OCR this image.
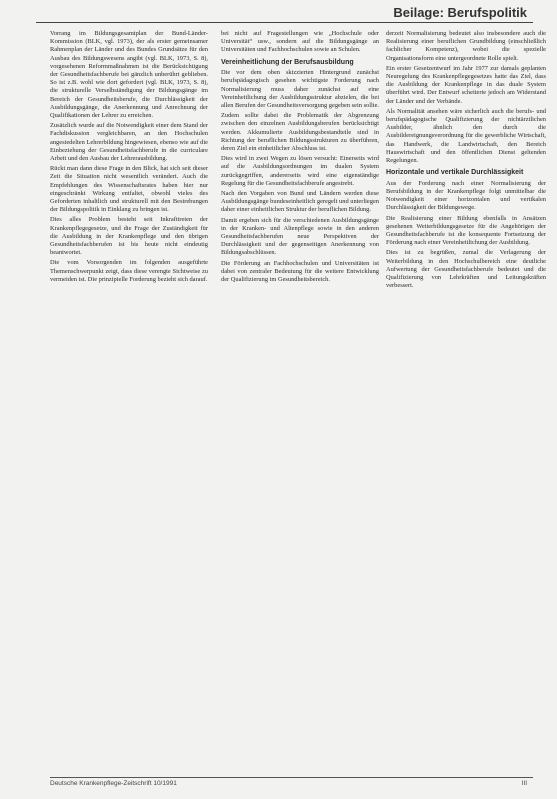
Beilage: Berufspolitik

Vorrang im Bildungsgesamtplan der Bund-Länder-Kommission (BLK, vgl. 1973), der als erster gemeinsamer Rahmenplan der Länder und des Bundes Grundsätze für den Ausbau des Bildungswesens angibt (vgl. BLK, 1973, S. 8), vorgesehenen Reformmaßnahmen ist die Berücksichtigung der Gesundheitsfachberufe bei gänzlich unberührt geblieben. So ist z.B. wohl wie dort gefordert (vgl. BLK, 1973, S. 8), die strukturelle Verselbständigung der Bildungsgänge im Bereich der Gesundheitsberufe, die Durchlässigkeit der Ausbildungsgänge, die Anerkennung und Anrechnung der Qualifikationen der Lehrer zu erreichen.

Zusätzlich wurde auf die Notwendigkeit einer dem Stand der Fachdiskussion vergleichbaren, an den Hochschulen angesiedelten Lehrerbildung hingewiesen, ebenso wie auf die Einbeziehung der Gesundheitsfachberufe in die curriculare Arbeit und den Ausbau der Lehrerausbildung.

Rückt man dann diese Frage in den Blick, hat sich seit dieser Zeit die Situation nicht wesentlich verändert. Auch die Empfehlungen des Wissenschaftsrates haben hier nur eingeschränkt Wirkung entfaltet, obwohl vieles des Geforderten inhaltlich und strukturell mit den Bestrebungen der Bildungspolitik in Einklang zu bringen ist.

Dies alles Problem besteht seit Inkrafttreten der Krankenpflegegesetze, und die Frage der Zuständigkeit für die Ausbildung in der Krankenpflege und den übrigen Gesundheitsfachberufen ist bis heute nicht eindeutig beantwortet.

Die vom Vorsorgenden im folgenden ausgeführte Themenschwerpunkt zeigt, dass diese verengte Sichtweise zu vermeiden ist. Die prinzipielle Forderung bezieht sich darauf.

bei nicht auf Fragestellungen wie „Hochschule oder Universität“ usw., sondern auf die Bildungsgänge an Universitäten und Fachhochschulen sowie an Schulen.

Vereinheitlichung der Berufsausbildung

Die vor dem oben skizzierten Hintergrund zunächst berufspädagogisch gesehen wichtigste Forderung nach Normalisierung muss daher zunächst auf eine Vereinheitlichung der Ausbildungsstruktur abzielen, die bei allen Berufen der Gesundheitsversorgung gegeben sein sollte.

Zudem sollte dabei die Problematik der Abgrenzung zwischen den einzelnen Ausbildungsberufen berücksichtigt werden. Akkumulierte Ausbildungsbestandteile sind in Richtung der beruflichen Bildungsstrukturen zu überführen, deren Ziel ein einheitlicher Abschluss ist.

Dies wird in zwei Wegen zu lösen versucht: Einerseits wird auf die Ausbildungsordnungen im dualen System zurückgegriffen, andererseits wird eine eigenständige Regelung für die Gesundheitsfachberufe angestrebt.

Nach den Vorgaben von Bund und Ländern werden diese Ausbildungsgänge bundeseinheitlich geregelt und unterliegen daher einer einheitlichen Struktur der beruflichen Bildung.

Damit ergeben sich für die verschiedenen Ausbildungsgänge in der Kranken- und Altenpflege sowie in den anderen Gesundheitsfachberufen neue Perspektiven der Durchlässigkeit und der gegenseitigen Anerkennung von Bildungsabschlüssen.

Die Förderung an Fachhochschulen und Universitäten ist dabei von zentraler Bedeutung für die weitere Entwicklung der Qualifizierung im Gesundheitsbereich.

derzeit Normalisierung bedeutet also insbesondere auch die Realisierung einer beruflichen Grundbildung (einschließlich fachlicher Kompetenz), wobei die spezielle Organisationsform eine untergeordnete Rolle spielt.

Ein erster Gesetzentwurf im Jahr 1977 zur damals geplanten Neuregelung des Krankenpflegegesetzes hatte das Ziel, dass die Ausbildung der Krankenpflege in das duale System überführt wird. Der Entwurf scheiterte jedoch am Widerstand der Länder und der Verbände.

Als Normalität ansehen wäre sicherlich auch die berufs- und berufspädagogische Qualifizierung der nichtärztlichen Ausbilder, ähnlich den durch die Ausbildereignungsverordnung für die gewerbliche Wirtschaft, das Handwerk, die Landwirtschaft, den Bereich Hauswirtschaft und den öffentlichen Dienst geltenden Regelungen.

Horizontale und vertikale Durchlässigkeit

Aus der Forderung nach einer Normalisierung der Berufsbildung in der Krankenpflege folgt unmittelbar die Notwendigkeit einer horizontalen und vertikalen Durchlässigkeit der Bildungswege.

Die Realisierung einer Bildung ebenfalls in Ansätzen gesehenen Weiterbildungsgesetze für die Angehörigen der Gesundheitsfachberufe ist die konsequente Fortsetzung der Förderung nach einer Vereinheitlichung der Ausbildung.

Dies ist zu begrüßen, zumal die Verlagerung der Weiterbildung in den Hochschulbereich eine deutliche Aufwertung der Gesundheitsfachberufe bedeutet und die Qualifizierung von Lehrkräften und Leitungskräften verbessert.

Deutsche Krankenpflege-Zeitschrift 10/1991	III
